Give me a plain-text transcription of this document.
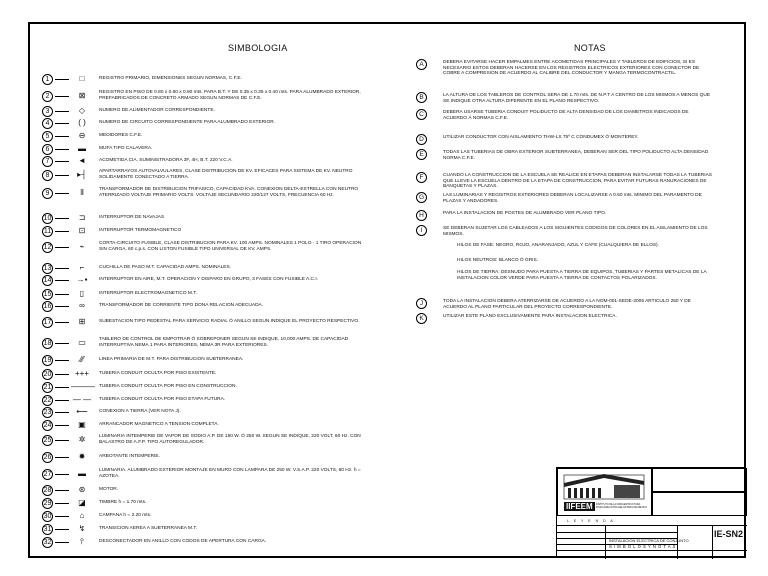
SIMBOLOGIA	NOTAS
1	□	REGISTRO PRIMARIO, DIMENSIONES SEGUN NORMAS, C.F.E.
2	⊠	REGISTRO EN PISO DE 0.80 x 0.60 x 0.80 mts. PARA B.T. Y DE 0.35 x 0.35 x 0.40 mts. PARA ALUMBRADO EXTERIOR, PREFABRICADOS DE CONCRETO ARMADO SEGUN NORMAS DE C.F.E.
3	◇	NUMERO DE ALIMENTADOR CORRESPONDIENTE.
4	( )	NUMERO DE CIRCUITO CORRESPONDIENTE PARA ALUMBRADO EXTERIOR.
5	⊖	MEDIDORES C.F.E.
6	▬	MUFA TIPO CALAVERA.
7	◄	ACOMETIDA CIA. SUMINISTRADORA 3F, 4H, B.T. 220 V.C.A.
8	▸┤	APARTARRAYOS AUTOVALVULARES, CLASE DISTRIBUCION DE KV. EFICACES PARA SISTEMA DE KV. NEUTRO SOLIDAMENTE CONECTADO A TIERRA.
9	⫴	TRANSFORMADOR DE DISTRIBUCION TRIFASICO, CAPACIDAD KVA. CONEXION DELTA-ESTRELLA CON NEUTRO ATERRIZADO VOLTAJE PRIMARIO VOLTS. VOLTAJE SECUNDARIO 220/127 VOLTS, FRECUENCIA 60 Hz.
10	⊐	INTERRUPTOR DE NAVAJAS
11	⊡	INTERRUPTOR TERMOMAGNETICO
12	⌁	CORTA-CIRCUITO FUSIBLE, CLASE DISTRIBUCION PARA KV. 100 AMPS. NOMINALES 1 POLO - 1 TIRO OPERACION SIN CARGA, 60 c.p.s. CON LISTON FUSIBLE TIPO UNIVERSAL DE KV. AMPS.
13	⌐	CUCHILLA DE PASO M.T. CAPACIDAD AMPS. NOMINALES.
14	→▪	INTERRUPTOR EN AIRE, M.T. OPERACION Y DISPARO EN GRUPO, 3 FASES CON FUSIBLE A.C.I.
15	▯	INTERRUPTOR ELECTROMAGNETICO M.T.
16	∞	TRANSFORMADOR DE CORRIENTE TIPO DONA RELACION ADECUADA.
17	⊞	SUBESTACION TIPO PEDESTAL PARA SERVICIO RADIAL Ó ANILLO SEGUN INDIQUE EL PROYECTO RESPECTIVO.
18	▭	TABLERO DE CONTROL DE EMPOTRAR Ó SOBREPONER SEGUN SE INDIQUE, 10,000 AMPS. DE CAPACIDAD INTERRUPTIVA NEMA 1 PARA INTERIORES, NEMA 3R PARA EXTERIORES.
19	⁄⁄⁄	LINEA PRIMARIA DE M.T. PARA DISTRIBUCION SUBTERRANEA.
20	+++	TUBERIA CONDUIT OCULTA POR PISO EXISTENTE.
21 ——— TUBERIA CONDUIT OCULTA POR PISO EN CONSTRUCCION.
22	— —	TUBERIA CONDUIT OCULTA POR PISO ETAPA FUTURA.
23	⟵	CONEXION A TIERRA (VER NOTA J).
24	▣	ARRANCADOR MAGNETICO A TENSION COMPLETA.
25	✲	LUMINARIA INTEMPERIE DE VAPOR DE SODIO A.P. DE 150 W. Ó 250 W. SEGUN SE INDIQUE, 220 VOLT, 60 Hz. CON BALASTRO DE A.F.P. TIPO AUTOREGULADOR.
26	✹	ARBOTANTE INTEMPERIE.
27	▬	LUMINARIA. ALUMBRADO EXTERIOR MONTAJE EN MURO CON LAMPARA DE 250 W. V.S.A.P. 220 VOLTS, 60 Hz. h = AZOTEA.
28	⊛	MOTOR.
29	◪	TIMBRE h = 1.70 mts.
30	⌂	CAMPANA h = 2.20 mts.
31	↯	TRANSICION AEREA A SUBTERRANEA M.T.
32	⫯	DESCONECTADOR EN ANILLO CON CODOS DE APERTURA CON CARGA.
A	DEBERA EVITARSE HACER EMPALMES ENTRE ACOMETIDAS PRINCIPALES Y TABLEROS DE EDIFICIOS, SI ES NECESARIO ESTOS DEBERAN HACERSE EN LOS REGISTROS ELECTRICOS EXTERIORES CON CONECTOR DE COBRE A COMPRESION DE ACUERDO AL CALIBRE DEL CONDUCTOR Y MANGA TERMOCONTRACTIL.
B	LA ALTURA DE LOS TABLEROS DE CONTROL SERA DE 1.70 mts. DE N.P.T A CENTRO DE LOS MISMOS A MENOS QUE SE INDIQUE OTRA ALTURA DIFERENTE EN EL PLANO RESPECTIVO.
C	DEBERA USARSE TUBERIA CONDUIT POLIDUCTO DE ALTA DENSIDAD DE LOS DIAMETROS INDICADOS DE ACUERDO Á NORMAS C.F.E.
D	UTILIZAR CONDUCTOR CON AISLAMIENTO THW-LS 75º C CONDUMEX Ó MONTEREY.
E	TODAS LAS TUBERIAS DE OBRA EXTERIOR SUBTERRANEA, DEBERAN SER DEL TIPO POLIDUCTO ALTA DENSIDAD NORMA C.F.E.
F	CUANDO LA CONSTRUCCION DE LA ESCUELA SE REALICE EN ETAPAS DEBERAN INSTALARSE TODAS LA TUBERIAS QUE LLEVE LA ESCUELA DENTRO DE LA ETAPA DE CONSTRUCCION, PARA EVITAR FUTURAS RANURACIONES DE BANQUETAS Y PLAZAS.
G	LAS LUMINARIAS Y REGISTROS EXTERIORES DEBERAN LOCALIZARSE A 0.50 mts. MINIMO DEL PARAMENTO DE PLAZAS Y ANDADORES.
H	PARA LA INSTALACION DE POSTES DE ALUMBRADO VER PLANO TIPO.
I	SE DEBERAN SUJETAR LOS CABLEADOS A LOS SIGUIENTES CODIGOS DE COLORES EN EL AISLAMIENTO DE LOS MISMOS.
J	TODA LA INSTALACION DEBERA ATERRIZARSE DE ACUERDO A LA NOM-001-SEDE-2005 ARTICULO 250 Y DE ACUERDO AL PLANO PARTICULAR DEL PROYECTO CORRESPONDIENTE.
K	UTILIZAR ESTE PLANO EXCLUSIVAMENTE PARA INSTALACION ELECTRICA.
HILOS DE FASE: NEGRO, ROJO, ANARANJADO, AZUL Y CAFE (CUALQUIERA DE ELLOS).
HILOS NEUTROS: BLANCO Ó GRIS.
HILOS DE TIERRA: DESNUDO PARA PUESTA A TIERRA DE EQUIPOS, TUBERIAS Y PARTES METALICAS DE LA INSTALACION COLOR VERDE PARA PUESTA A TIERRA DE CONTACTOS POLARIZADOS.
IIFEEM	INSTITUTO DE LA INFRAESTRUCTURA FISICA EDUCATIVA DEL ESTADO DE MEXICO
L E Y E N D A
INSTALACION ELECTRICA DE CONJUNTO
S I M B O L O S Y N O T A S
IE-SN2
